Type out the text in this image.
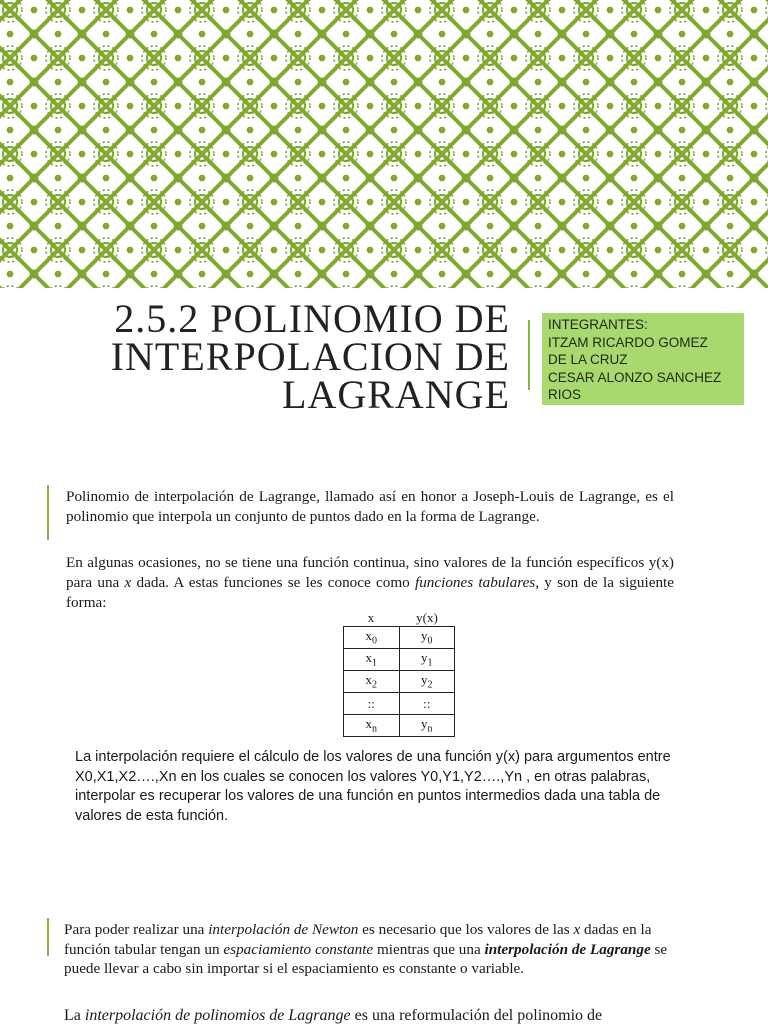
2.5.2 POLINOMIO DE
INTERPOLACION DE
LAGRANGE
INTEGRANTES:
ITZAM RICARDO GOMEZ
DE LA CRUZ
CESAR ALONZO SANCHEZ
RIOS

Polinomio de interpolación de Lagrange, llamado así en honor a Joseph-Louis de Lagrange, es el polinomio que interpola un conjunto de puntos dado en la forma de Lagrange.

En algunas ocasiones, no se tiene una función continua, sino valores de la función específicos y(x) para una x dada. A estas funciones se les conoce como funciones tabulares, y son de la siguiente forma:

x	y(x)
$x_0$	$y_0$
$x_1$	$y_1$
$x_2$	$y_2$
::	::
$x_n$	$y_n$

La interpolación requiere el cálculo de los valores de una función y(x) para argumentos entre X0,X1,X2….,Xn en los cuales se conocen los valores Y0,Y1,Y2….,Yn , en otras palabras, interpolar es recuperar los valores de una función en puntos intermedios dada una tabla de valores de esta función.

Para poder realizar una interpolación de Newton es necesario que los valores de las x dadas en la función tabular tengan un espaciamiento constante mientras que una interpolación de Lagrange se puede llevar a cabo sin importar si el espaciamiento es constante o variable.

La interpolación de polinomios de Lagrange es una reformulación del polinomio de
